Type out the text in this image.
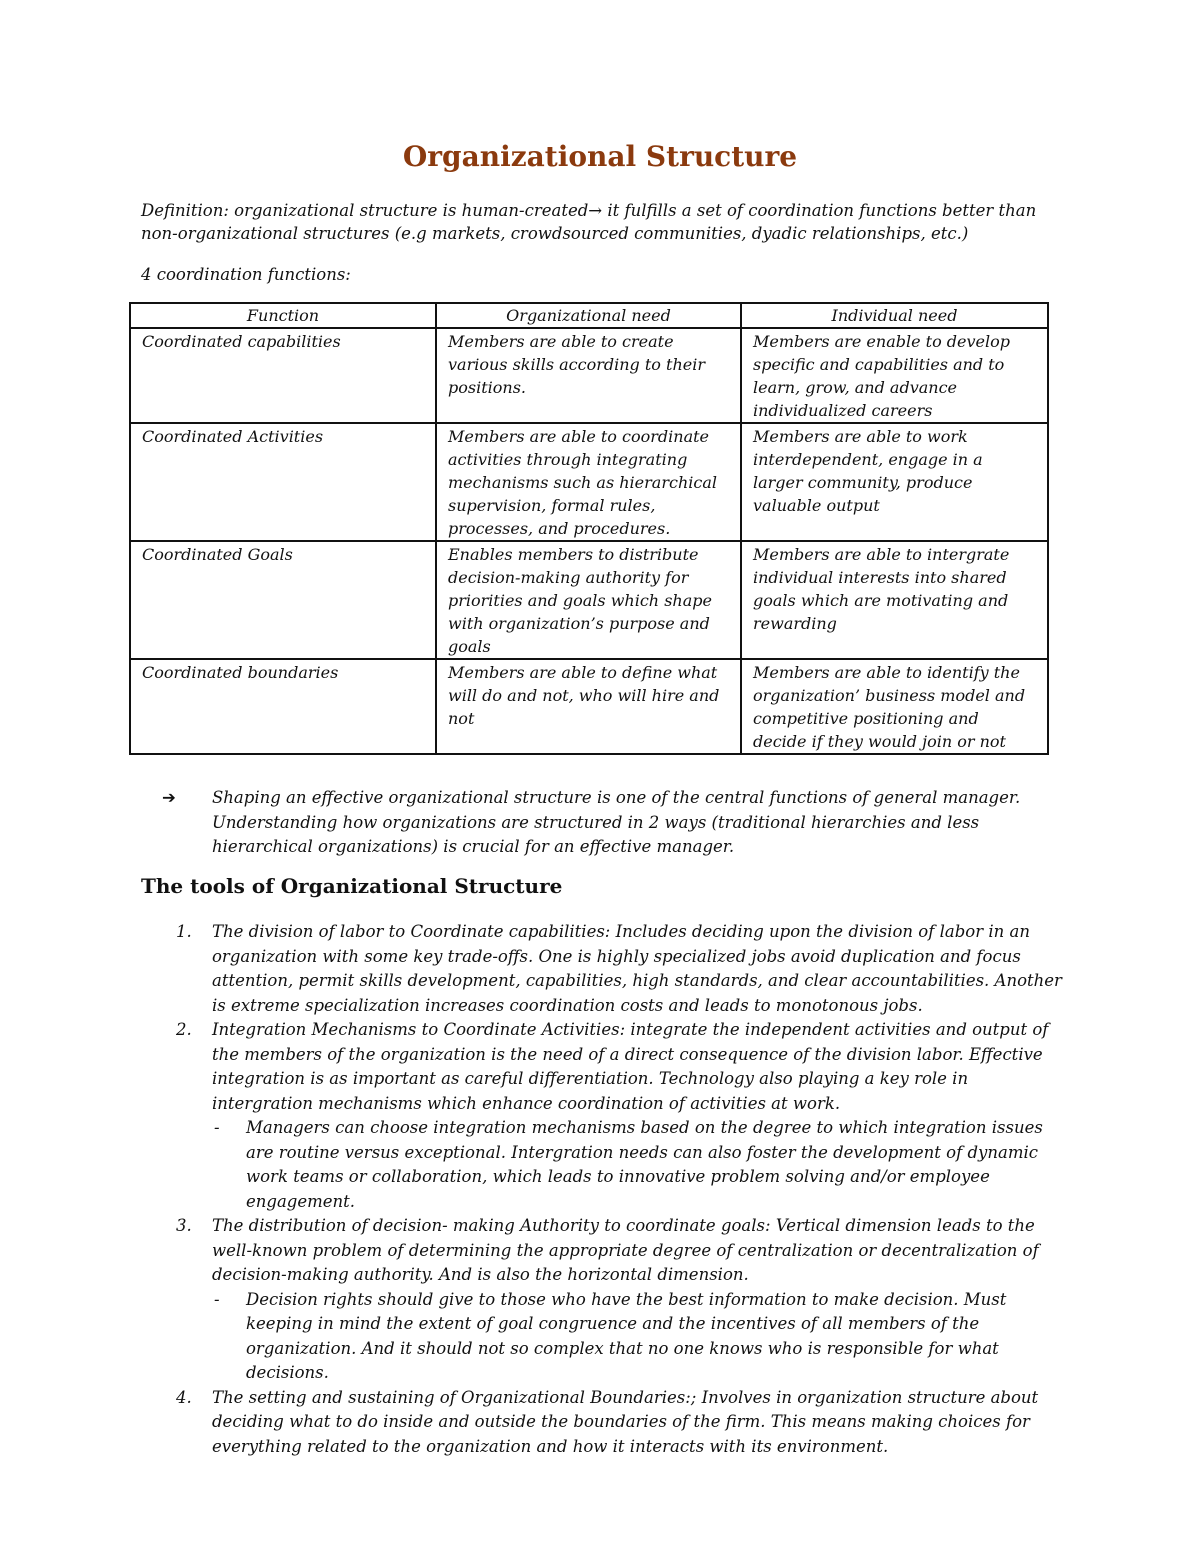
Organizational Structure
Definition: organizational structure is human-created→ it fulfills a set of coordination functions better than non-organizational structures (e.g markets, crowdsourced communities, dyadic relationships, etc.)
4 coordination functions:
Function	Organizational need	Individual need
Coordinated capabilities	Members are able to create various skills according to their positions.	Members are enable to develop specific and capabilities and to learn, grow, and advance individualized careers
Coordinated Activities	Members are able to coordinate activities through integrating mechanisms such as hierarchical supervision, formal rules, processes, and procedures.	Members are able to work interdependent, engage in a larger community, produce valuable output
Coordinated Goals	Enables members to distribute decision-making authority for priorities and goals which shape with organization’s purpose and goals	Members are able to intergrate individual interests into shared goals which are motivating and rewarding
Coordinated boundaries	Members are able to define what will do and not, who will hire and not	Members are able to identify the organization’ business model and competitive positioning and decide if they would join or not
➔ Shaping an effective organizational structure is one of the central functions of general manager. Understanding how organizations are structured in 2 ways (traditional hierarchies and less hierarchical organizations) is crucial for an effective manager.
The tools of Organizational Structure
1. The division of labor to Coordinate capabilities: Includes deciding upon the division of labor in an organization with some key trade-offs. One is highly specialized jobs avoid duplication and focus attention, permit skills development, capabilities, high standards, and clear accountabilities. Another is extreme specialization increases coordination costs and leads to monotonous jobs.
2. Integration Mechanisms to Coordinate Activities: integrate the independent activities and output of the members of the organization is the need of a direct consequence of the division labor. Effective integration is as important as careful differentiation. Technology also playing a key role in intergration mechanisms which enhance coordination of activities at work.
- Managers can choose integration mechanisms based on the degree to which integration issues are routine versus exceptional. Intergration needs can also foster the development of dynamic work teams or collaboration, which leads to innovative problem solving and/or employee engagement.
3. The distribution of decision- making Authority to coordinate goals: Vertical dimension leads to the well-known problem of determining the appropriate degree of centralization or decentralization of decision-making authority. And is also the horizontal dimension.
- Decision rights should give to those who have the best information to make decision. Must keeping in mind the extent of goal congruence and the incentives of all members of the organization. And it should not so complex that no one knows who is responsible for what decisions.
4. The setting and sustaining of Organizational Boundaries:; Involves in organization structure about deciding what to do inside and outside the boundaries of the firm. This means making choices for everything related to the organization and how it interacts with its environment.
